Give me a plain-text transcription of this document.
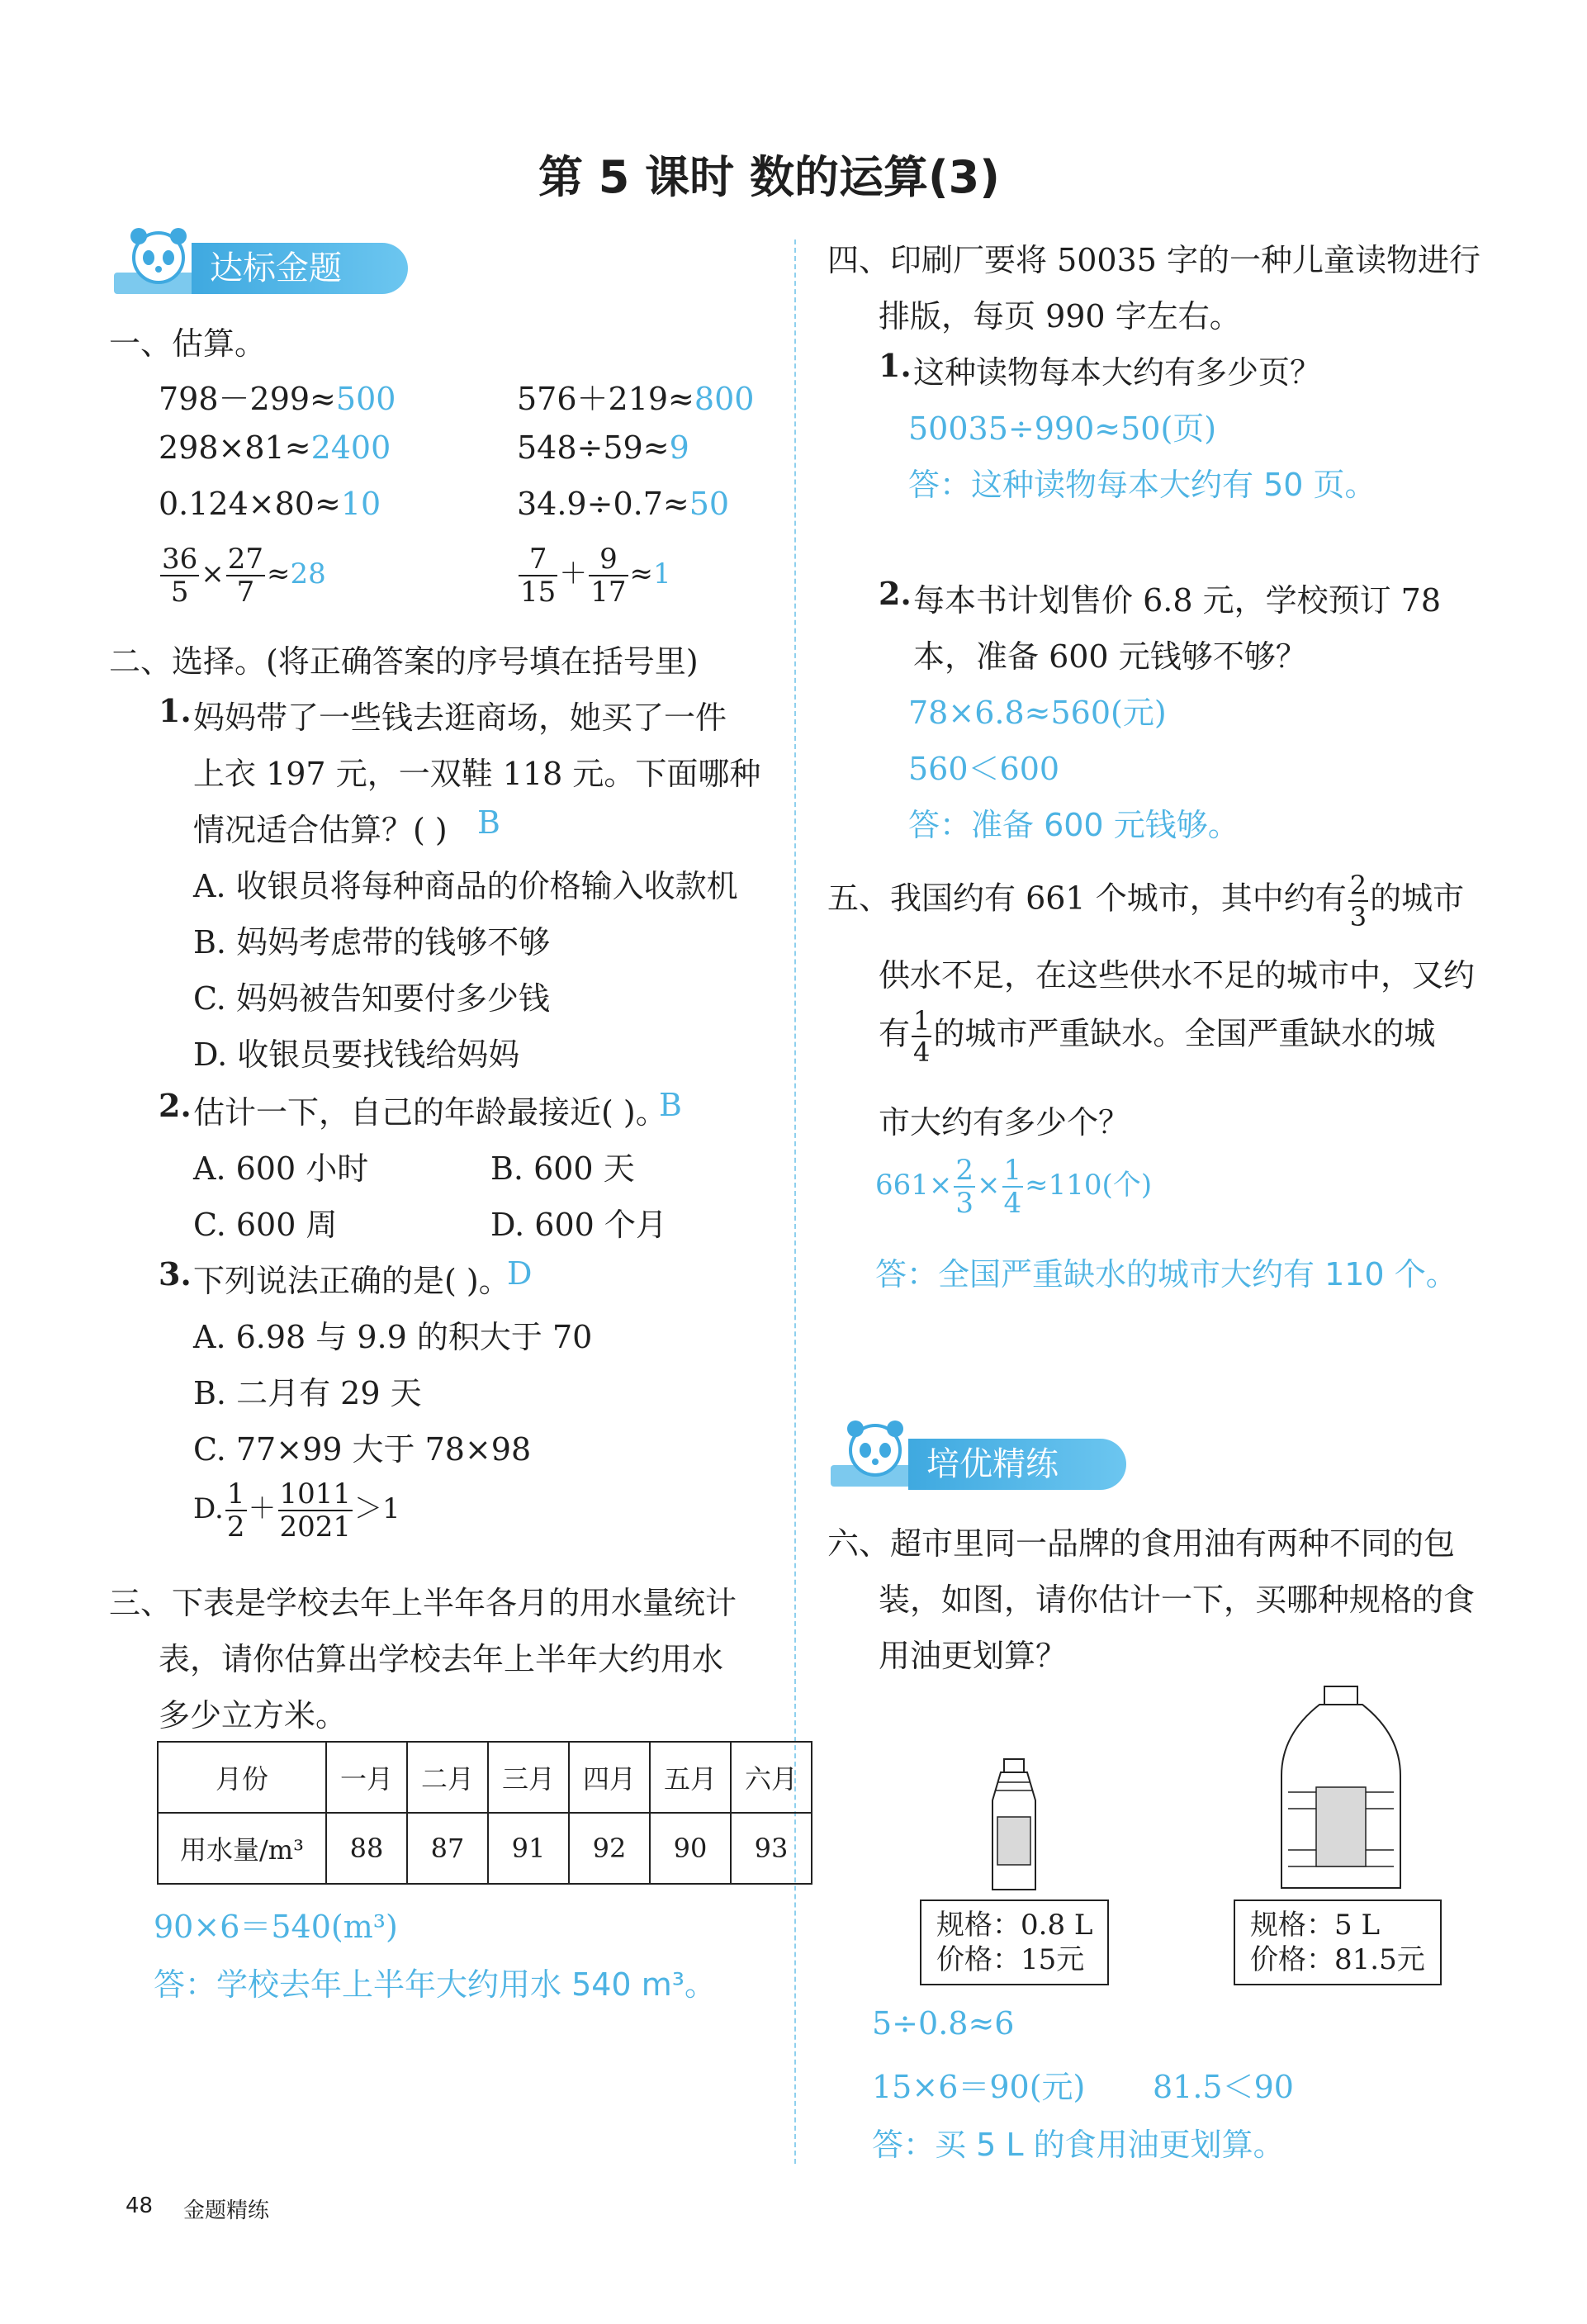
第 5 课时 数的运算(3)
达标金题
一、估算。
798－299≈500	576＋219≈800
298×81≈2400	548÷59≈9
0.124×80≈10	34.9÷0.7≈50
$\frac{36}{5} \times \frac{27}{7} \approx 28$	$\frac{7}{15} + \frac{9}{17} \approx 1$
二、选择。(将正确答案的序号填在括号里)
1. 妈妈带了一些钱去逛商场，她买了一件
上衣 197 元，一双鞋 118 元。下面哪种
情况适合估算？( ) B
A. 收银员将每种商品的价格输入收款机
B. 妈妈考虑带的钱够不够
C. 妈妈被告知要付多少钱
D. 收银员要找钱给妈妈
2. 估计一下，自己的年龄最接近( )。
B
A. 600 小时	B. 600 天
C. 600 周	D. 600 个月
3. 下列说法正确的是( )。
D
A. 6.98 与 9.9 的积大于 70
B. 二月有 29 天
C. 77×99 大于 78×98
D. $\frac{1}{2} + \frac{1011}{2021} >1$
三、下表是学校去年上半年各月的用水量统计
表，请你估算出学校去年上半年大约用水
多少立方米。
月份	一月	二月	三月	四月	五月	六月
用水量/m³	88	87	91	92	90	93
90×6＝540(m³)
答：学校去年上半年大约用水 540 m³。
四、印刷厂要将 50035 字的一种儿童读物进行
排版，每页 990 字左右。
1. 这种读物每本大约有多少页？
50035÷990≈50(页)
答：这种读物每本大约有 50 页。
2. 每本书计划售价 6.8 元，学校预订 78
本，准备 600 元钱够不够？
78×6.8≈560(元)
560＜600
答：准备 600 元钱够。
五、我国约有 661 个城市，其中约有 $\frac{2}{3}$ 的城市
供水不足，在这些供水不足的城市中，又约
有 $\frac{1}{4}$ 的城市严重缺水。全国严重缺水的城
市大约有多少个？
$661\times \frac{2}{3} \times \frac{1}{4} \approx 110$(个)
答：全国严重缺水的城市大约有 110 个。
培优精练
六、超市里同一品牌的食用油有两种不同的包
装，如图，请你估计一下，买哪种规格的食
用油更划算？
规格：0.8 L
价格：15元
规格：5 L
价格：81.5元
5÷0.8≈6
15×6＝90(元) 81.5＜90
答：买 5 L 的食用油更划算。
48 金题精练
